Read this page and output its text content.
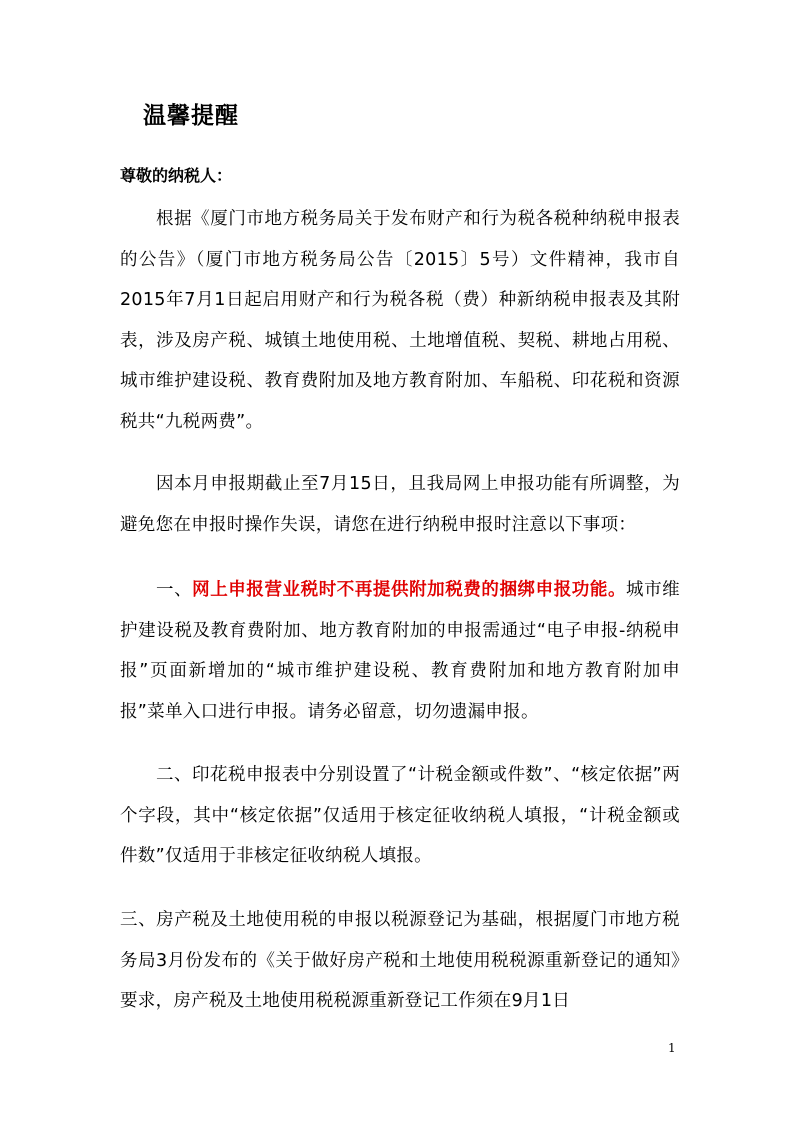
温馨提醒
尊敬的纳税人：
根据《厦门市地方税务局关于发布财产和行为税各税种纳税申报表的公告》（厦门市地方税务局公告〔2015〕5号）文件精神，我市自2015年7月1日起启用财产和行为税各税（费）种新纳税申报表及其附表，涉及房产税、城镇土地使用税、土地增值税、契税、耕地占用税、城市维护建设税、教育费附加及地方教育附加、车船税、印花税和资源税共“九税两费”。
因本月申报期截止至7月15日，且我局网上申报功能有所调整，为避免您在申报时操作失误，请您在进行纳税申报时注意以下事项：
一、网上申报营业税时不再提供附加税费的捆绑申报功能。城市维护建设税及教育费附加、地方教育附加的申报需通过“电子申报-纳税申报”页面新增加的“城市维护建设税、教育费附加和地方教育附加申报”菜单入口进行申报。请务必留意，切勿遗漏申报。
二、印花税申报表中分别设置了“计税金额或件数”、“核定依据”两个字段，其中“核定依据”仅适用于核定征收纳税人填报，“计税金额或件数”仅适用于非核定征收纳税人填报。
三、房产税及土地使用税的申报以税源登记为基础，根据厦门市地方税务局3月份发布的《关于做好房产税和土地使用税税源重新登记的通知》要求，房产税及土地使用税税源重新登记工作须在9月1日
1
